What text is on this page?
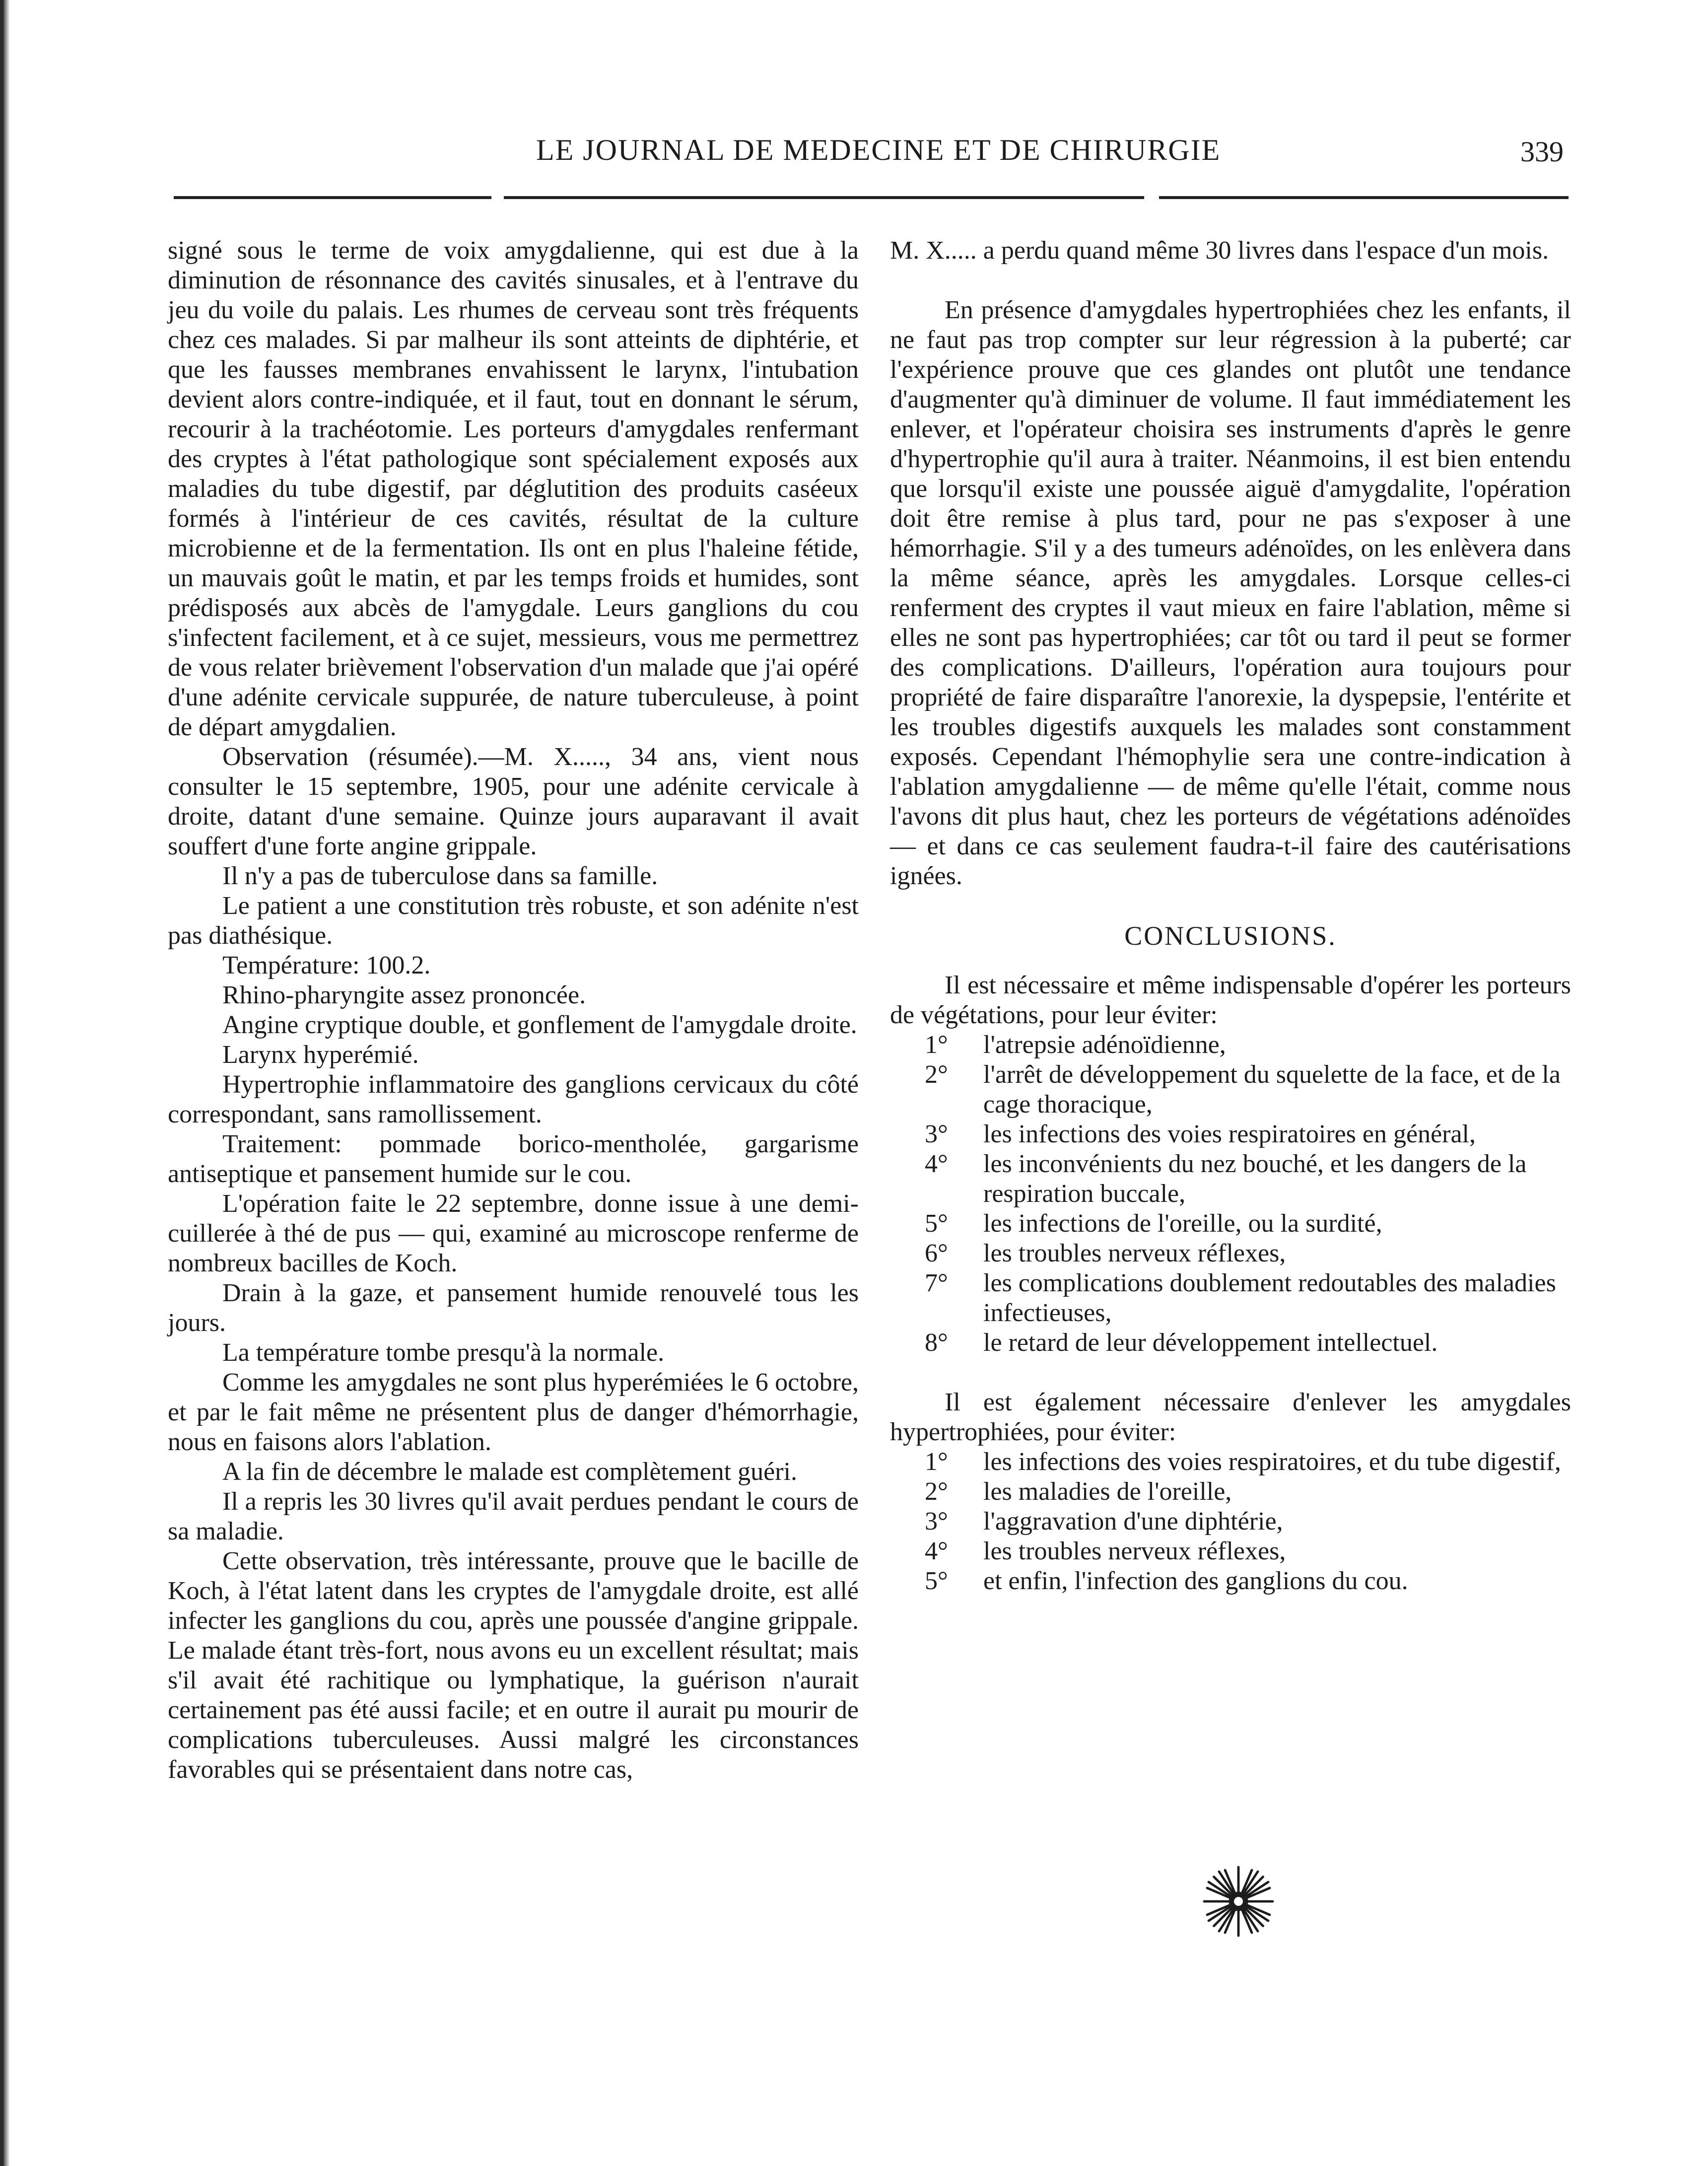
LE JOURNAL DE MEDECINE ET DE CHIRURGIE	339

signé sous le terme de voix amygdalienne, qui est due à la diminution de résonnance des cavités sinusales, et à l'entrave du jeu du voile du palais. Les rhumes de cerveau sont très fréquents chez ces malades. Si par malheur ils sont atteints de diphtérie, et que les fausses membranes envahissent le larynx, l'intubation devient alors contre-indiquée, et il faut, tout en donnant le sérum, recourir à la trachéotomie. Les porteurs d'amygdales renfermant des cryptes à l'état pathologique sont spécialement exposés aux maladies du tube digestif, par déglutition des produits caséeux formés à l'intérieur de ces cavités, résultat de la culture microbienne et de la fermentation. Ils ont en plus l'haleine fétide, un mauvais goût le matin, et par les temps froids et humides, sont prédisposés aux abcès de l'amygdale. Leurs ganglions du cou s'infectent facilement, et à ce sujet, messieurs, vous me permettrez de vous relater brièvement l'observation d'un malade que j'ai opéré d'une adénite cervicale suppurée, de nature tuberculeuse, à point de départ amygdalien.

Observation (résumée).—M. X....., 34 ans, vient nous consulter le 15 septembre, 1905, pour une adénite cervicale à droite, datant d'une semaine. Quinze jours auparavant il avait souffert d'une forte angine grippale.

Il n'y a pas de tuberculose dans sa famille.

Le patient a une constitution très robuste, et son adénite n'est pas diathésique.

Température: 100.2.

Rhino-pharyngite assez prononcée.

Angine cryptique double, et gonflement de l'amygdale droite.

Larynx hyperémié.

Hypertrophie inflammatoire des ganglions cervicaux du côté correspondant, sans ramollissement.

Traitement: pommade borico-mentholée, gargarisme antiseptique et pansement humide sur le cou.

L'opération faite le 22 septembre, donne issue à une demi-cuillerée à thé de pus — qui, examiné au microscope renferme de nombreux bacilles de Koch.

Drain à la gaze, et pansement humide renouvelé tous les jours.

La température tombe presqu'à la normale.

Comme les amygdales ne sont plus hyperémiées le 6 octobre, et par le fait même ne présentent plus de danger d'hémorrhagie, nous en faisons alors l'ablation.

A la fin de décembre le malade est complètement guéri.

Il a repris les 30 livres qu'il avait perdues pendant le cours de sa maladie.

Cette observation, très intéressante, prouve que le bacille de Koch, à l'état latent dans les cryptes de l'amygdale droite, est allé infecter les ganglions du cou, après une poussée d'angine grippale. Le malade étant très-fort, nous avons eu un excellent résultat; mais s'il avait été rachitique ou lymphatique, la guérison n'aurait certainement pas été aussi facile; et en outre il aurait pu mourir de complications tuberculeuses. Aussi malgré les circonstances favorables qui se présentaient dans notre cas,

M. X..... a perdu quand même 30 livres dans l'espace d'un mois.

En présence d'amygdales hypertrophiées chez les enfants, il ne faut pas trop compter sur leur régression à la puberté; car l'expérience prouve que ces glandes ont plutôt une tendance d'augmenter qu'à diminuer de volume. Il faut immédiatement les enlever, et l'opérateur choisira ses instruments d'après le genre d'hypertrophie qu'il aura à traiter. Néanmoins, il est bien entendu que lorsqu'il existe une poussée aiguë d'amygdalite, l'opération doit être remise à plus tard, pour ne pas s'exposer à une hémorrhagie. S'il y a des tumeurs adénoïdes, on les enlèvera dans la même séance, après les amygdales. Lorsque celles-ci renferment des cryptes il vaut mieux en faire l'ablation, même si elles ne sont pas hypertrophiées; car tôt ou tard il peut se former des complications. D'ailleurs, l'opération aura toujours pour propriété de faire disparaître l'anorexie, la dyspepsie, l'entérite et les troubles digestifs auxquels les malades sont constamment exposés. Cependant l'hémophylie sera une contre-indication à l'ablation amygdalienne — de même qu'elle l'était, comme nous l'avons dit plus haut, chez les porteurs de végétations adénoïdes — et dans ce cas seulement faudra-t-il faire des cautérisations ignées.

CONCLUSIONS.

Il est nécessaire et même indispensable d'opérer les porteurs de végétations, pour leur éviter:

1°	l'atrepsie adénoïdienne,
2°	l'arrêt de développement du squelette de la face, et de la cage thoracique,
3°	les infections des voies respiratoires en général,
4°	les inconvénients du nez bouché, et les dangers de la respiration buccale,
5°	les infections de l'oreille, ou la surdité,
6°	les troubles nerveux réflexes,
7°	les complications doublement redoutables des maladies infectieuses,
8°	le retard de leur développement intellectuel.

Il est également nécessaire d'enlever les amygdales hypertrophiées, pour éviter:

1°	les infections des voies respiratoires, et du tube digestif,
2°	les maladies de l'oreille,
3°	l'aggravation d'une diphtérie,
4°	les troubles nerveux réflexes,
5°	et enfin, l'infection des ganglions du cou.
